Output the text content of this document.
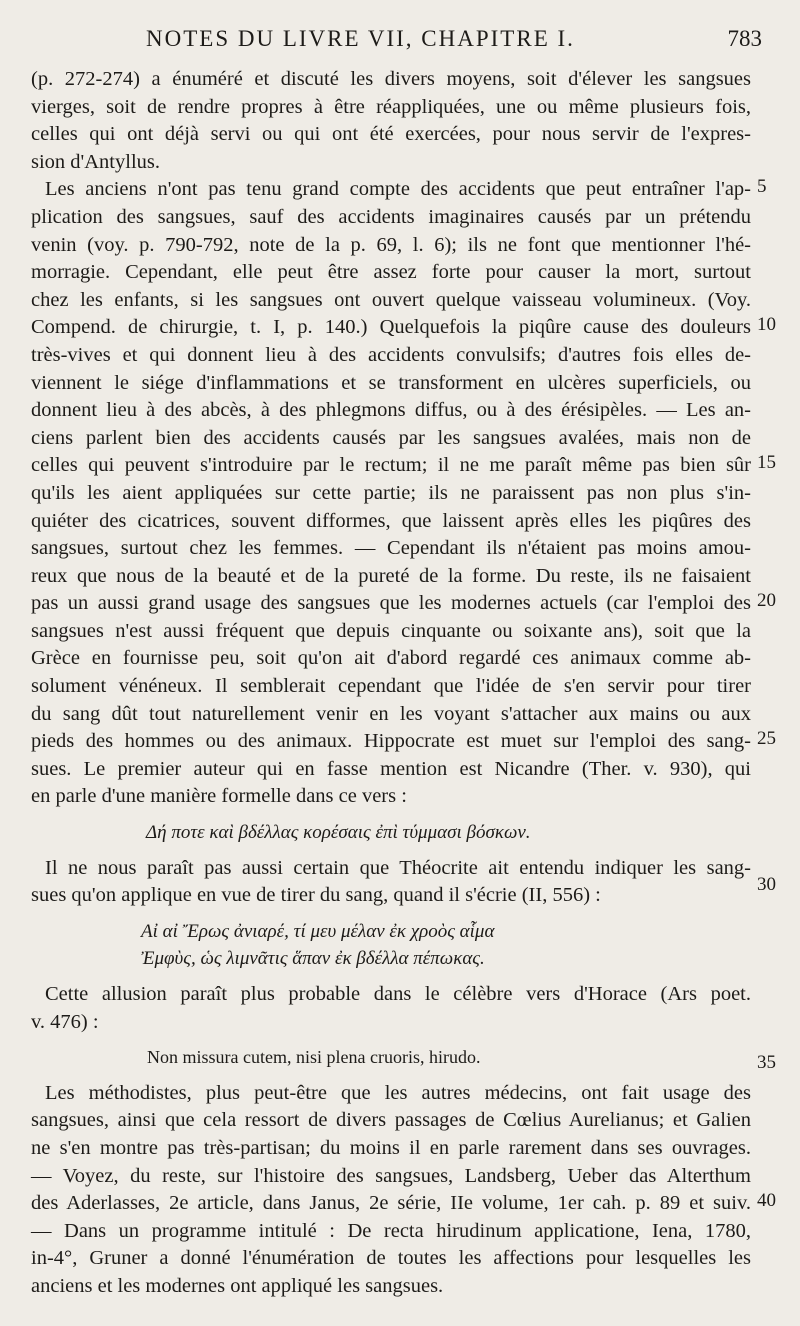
NOTES DU LIVRE VII, CHAPITRE I.	783
(p. 272-274) a énuméré et discuté les divers moyens, soit d'élever les sangsues
vierges, soit de rendre propres à être réappliquées, une ou même plusieurs fois,
celles qui ont déjà servi ou qui ont été exercées, pour nous servir de l'expres-
sion d'Antyllus.
Les anciens n'ont pas tenu grand compte des accidents que peut entraîner l'ap-
plication des sangsues, sauf des accidents imaginaires causés par un prétendu
venin (voy. p. 790-792, note de la p. 69, l. 6); ils ne font que mentionner l'hé-
morragie. Cependant, elle peut être assez forte pour causer la mort, surtout
chez les enfants, si les sangsues ont ouvert quelque vaisseau volumineux. (Voy.
Compend. de chirurgie, t. I, p. 140.) Quelquefois la piqûre cause des douleurs
très-vives et qui donnent lieu à des accidents convulsifs; d'autres fois elles de-
viennent le siége d'inflammations et se transforment en ulcères superficiels, ou
donnent lieu à des abcès, à des phlegmons diffus, ou à des érésipèles. — Les an-
ciens parlent bien des accidents causés par les sangsues avalées, mais non de
celles qui peuvent s'introduire par le rectum; il ne me paraît même pas bien sûr
qu'ils les aient appliquées sur cette partie; ils ne paraissent pas non plus s'in-
quiéter des cicatrices, souvent difformes, que laissent après elles les piqûres des
sangsues, surtout chez les femmes. — Cependant ils n'étaient pas moins amou-
reux que nous de la beauté et de la pureté de la forme. Du reste, ils ne faisaient
pas un aussi grand usage des sangsues que les modernes actuels (car l'emploi des
sangsues n'est aussi fréquent que depuis cinquante ou soixante ans), soit que la
Grèce en fournisse peu, soit qu'on ait d'abord regardé ces animaux comme ab-
solument vénéneux. Il semblerait cependant que l'idée de s'en servir pour tirer
du sang dût tout naturellement venir en les voyant s'attacher aux mains ou aux
pieds des hommes ou des animaux. Hippocrate est muet sur l'emploi des sang-
sues. Le premier auteur qui en fasse mention est Nicandre (Ther. v. 930), qui
en parle d'une manière formelle dans ce vers :
Δή ποτε καὶ βδέλλας κορέσαις ἐπὶ τύμμασι βόσκων.
Il ne nous paraît pas aussi certain que Théocrite ait entendu indiquer les sang-
sues qu'on applique en vue de tirer du sang, quand il s'écrie (II, 556) :
Αἰ αἰ Ἔρως ἀνιαρέ, τί μευ μέλαν ἐκ χροὸς αἷμα
Ἐμφὺς, ὡς λιμνᾶτις ἅπαν ἐκ βδέλλα πέπωκας.
Cette allusion paraît plus probable dans le célèbre vers d'Horace (Ars poet.
v. 476) :
Non missura cutem, nisi plena cruoris, hirudo.
Les méthodistes, plus peut-être que les autres médecins, ont fait usage des
sangsues, ainsi que cela ressort de divers passages de Cœlius Aurelianus; et Galien
ne s'en montre pas très-partisan; du moins il en parle rarement dans ses ouvrages.
— Voyez, du reste, sur l'histoire des sangsues, Landsberg, Ueber das Alterthum
des Aderlasses, 2e article, dans Janus, 2e série, IIe volume, 1er cah. p. 89 et suiv.
— Dans un programme intitulé : De recta hirudinum applicatione, Iena, 1780,
in-4°, Gruner a donné l'énumération de toutes les affections pour lesquelles les
anciens et les modernes ont appliqué les sangsues.
5
10
15
20
25
30
35
40
